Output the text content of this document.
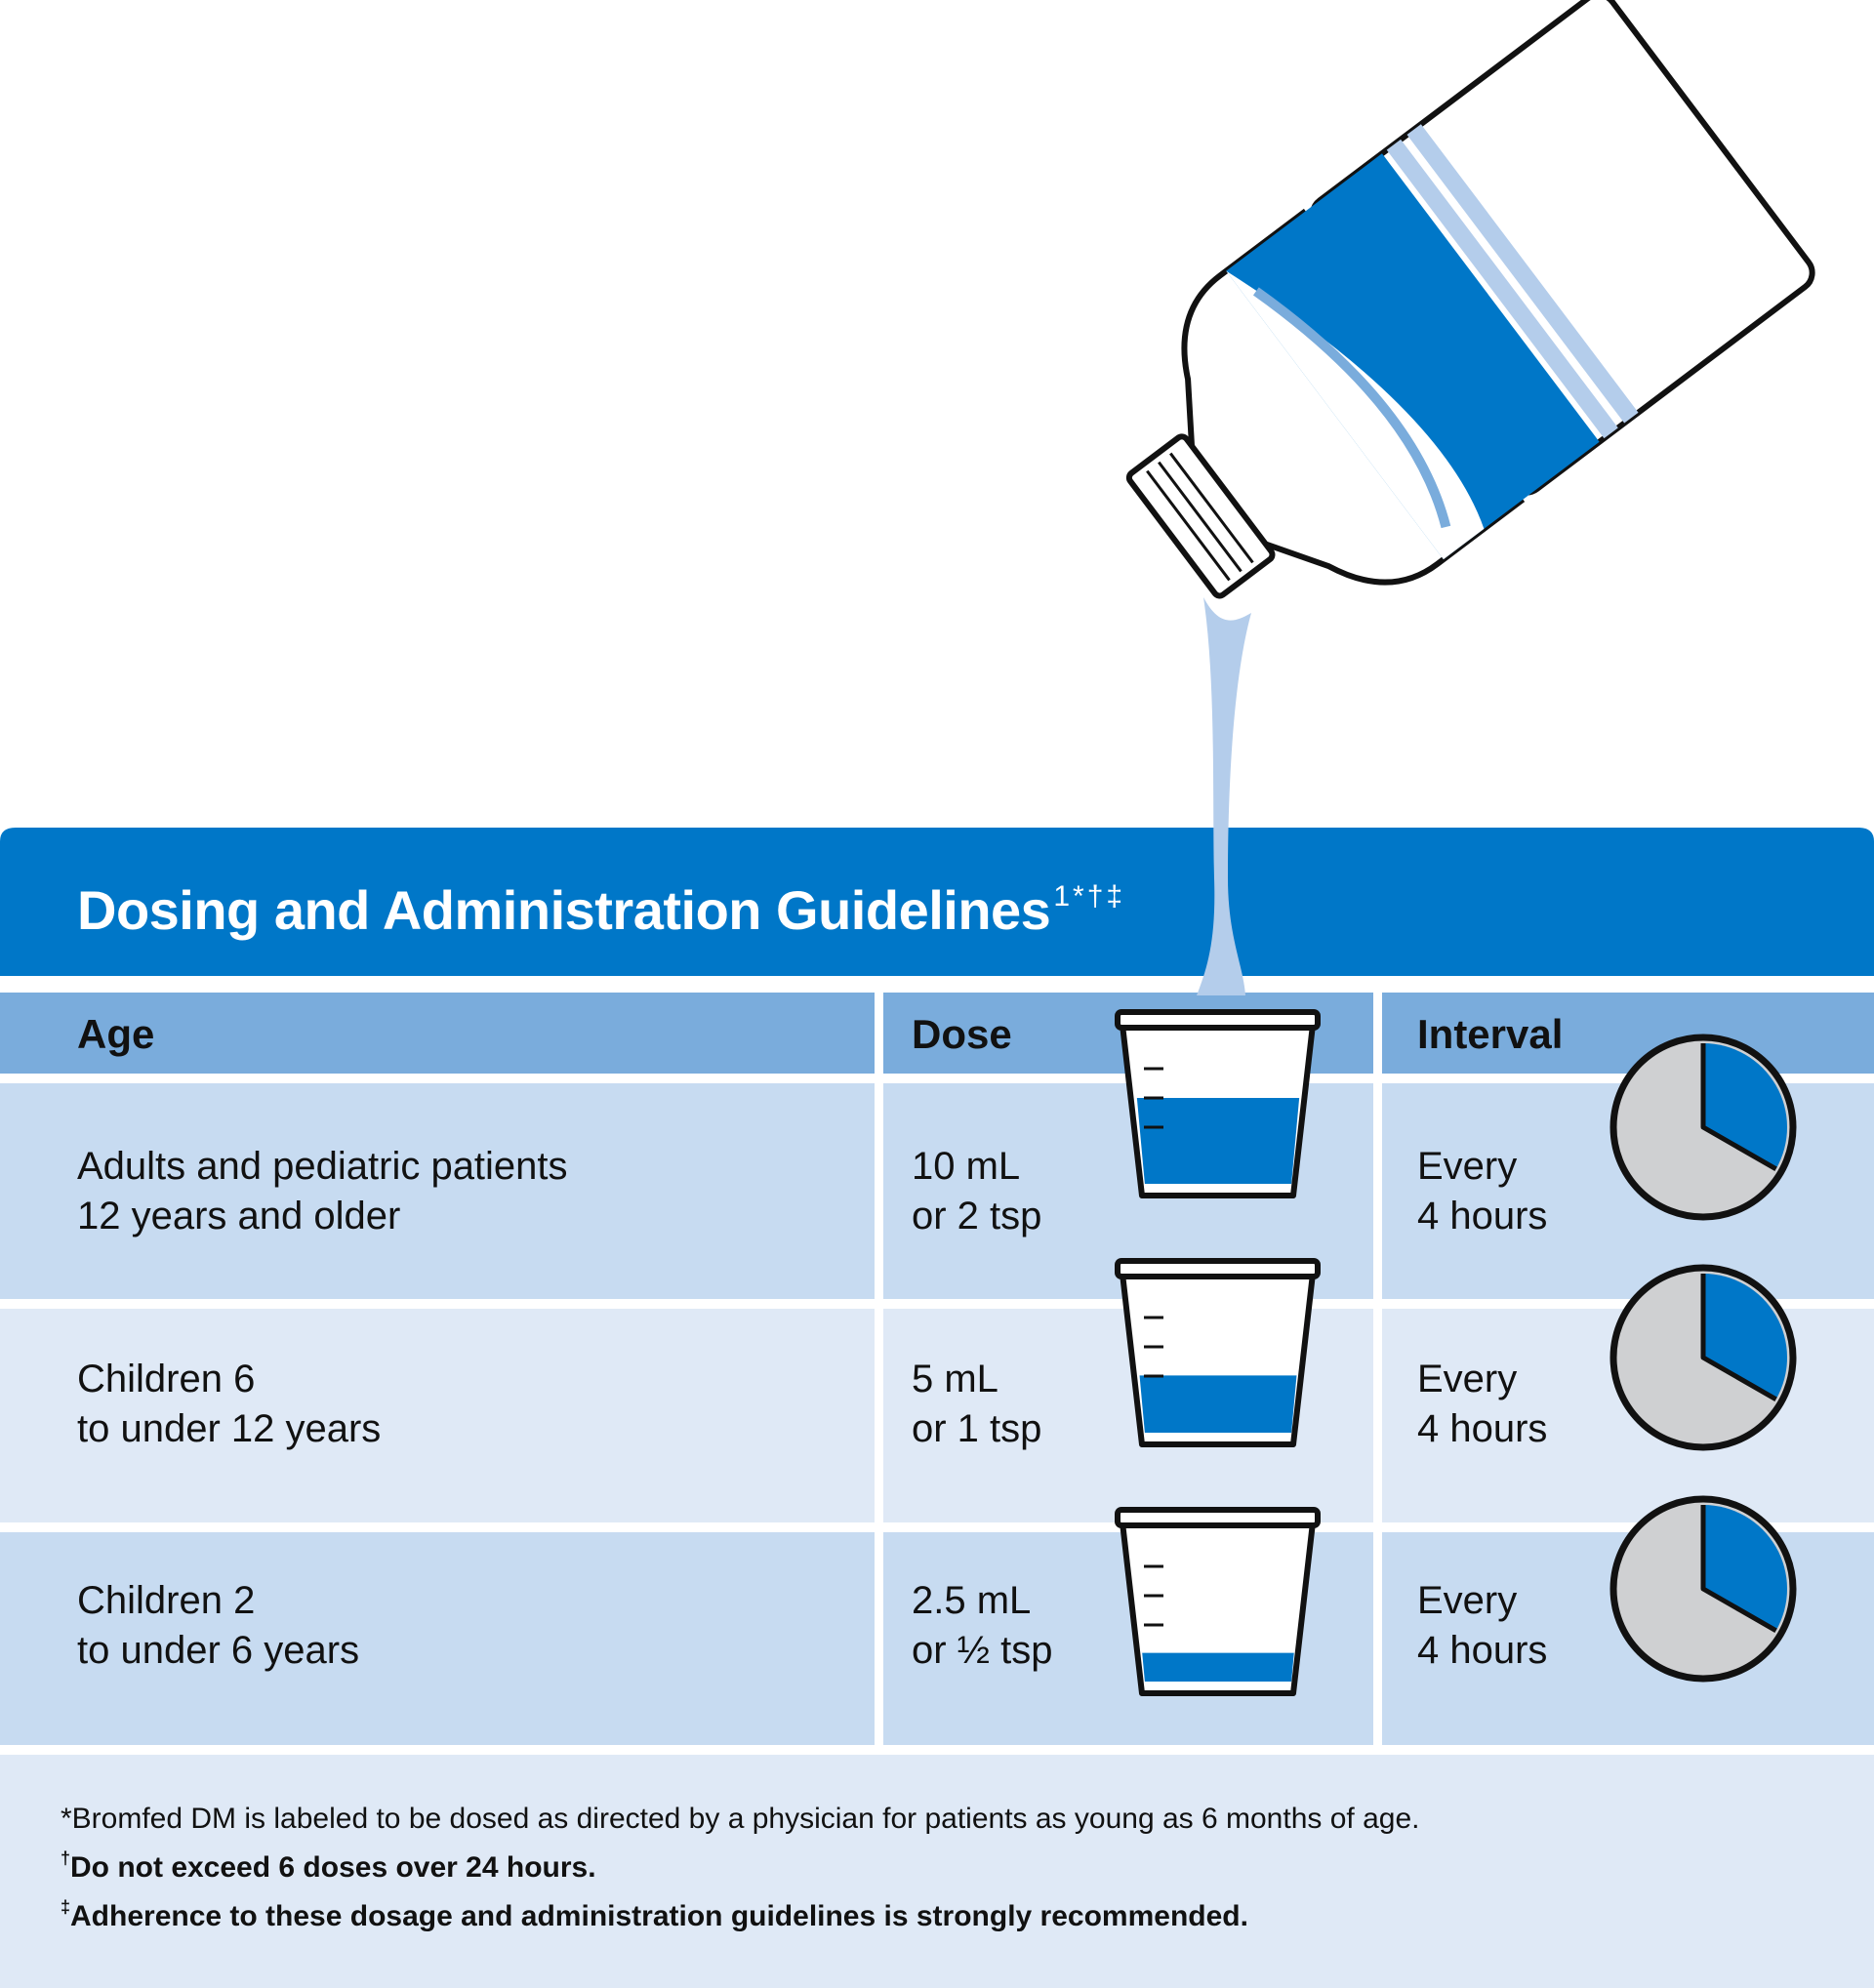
Dosing and Administration Guidelines $^{1*\dagger\ddagger}$
Age	Dose	Interval
Adults and pediatric patients
12 years and older
10 mL
or 2 tsp
Every
4 hours
Children 6
to under 12 years
5 mL
or 1 tsp
Every
4 hours
Children 2
to under 6 years
2.5 mL
or ½ tsp
Every
4 hours
*Bromfed DM is labeled to be dosed as directed by a physician for patients as young as 6 months of age.
†Do not exceed 6 doses over 24 hours.
‡Adherence to these dosage and administration guidelines is strongly recommended.
